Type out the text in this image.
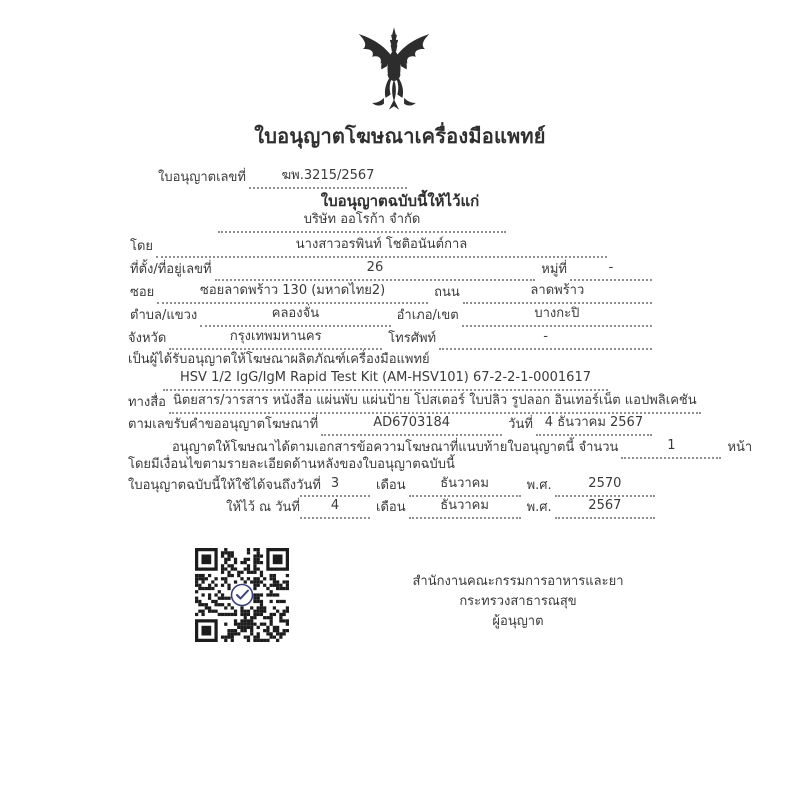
ใบอนุญาตโฆษณาเครื่องมือแพทย์
ใบอนุญาตเลขที่	ฆพ.3215/2567
ใบอนุญาตฉบับนี้ให้ไว้แก่
บริษัท ออโรก้า จำกัด
โดย	นางสาวอรพินท์ โชติอนันต์กาล
ที่ตั้ง/ที่อยู่เลขที่	26	หมู่ที่	-
ซอย	ซอยลาดพร้าว 130 (มหาดไทย2)	ถนน	ลาดพร้าว
ตำบล/แขวง	คลองจั่น	อำเภอ/เขต	บางกะปิ
จังหวัด	กรุงเทพมหานคร	โทรศัพท์	-
เป็นผู้ได้รับอนุญาตให้โฆษณาผลิตภัณฑ์เครื่องมือแพทย์
HSV 1/2 IgG/IgM Rapid Test Kit (AM-HSV101) 67-2-2-1-0001617
ทางสื่อ นิตยสาร/วารสาร หนังสือ แผ่นพับ แผ่นป้าย โปสเตอร์ ใบปลิว รูปลอก อินเทอร์เน็ต แอปพลิเคชัน
ตามเลขรับคำขออนุญาตโฆษณาที่	AD6703184	วันที่ 4 ธันวาคม 2567
อนุญาตให้โฆษณาได้ตามเอกสารข้อความโฆษณาที่แนบท้ายใบอนุญาตนี้ จำนวน	1	หน้า
โดยมีเงื่อนไขตามรายละเอียดด้านหลังของใบอนุญาตฉบับนี้
ใบอนุญาตฉบับนี้ให้ใช้ได้จนถึงวันที่ 3	เดือน	ธันวาคม	พ.ศ.	2570
ให้ไว้ ณ วันที่	4	เดือน	ธันวาคม	พ.ศ.	2567
สำนักงานคณะกรรมการอาหารและยา
กระทรวงสาธารณสุข
ผู้อนุญาต
